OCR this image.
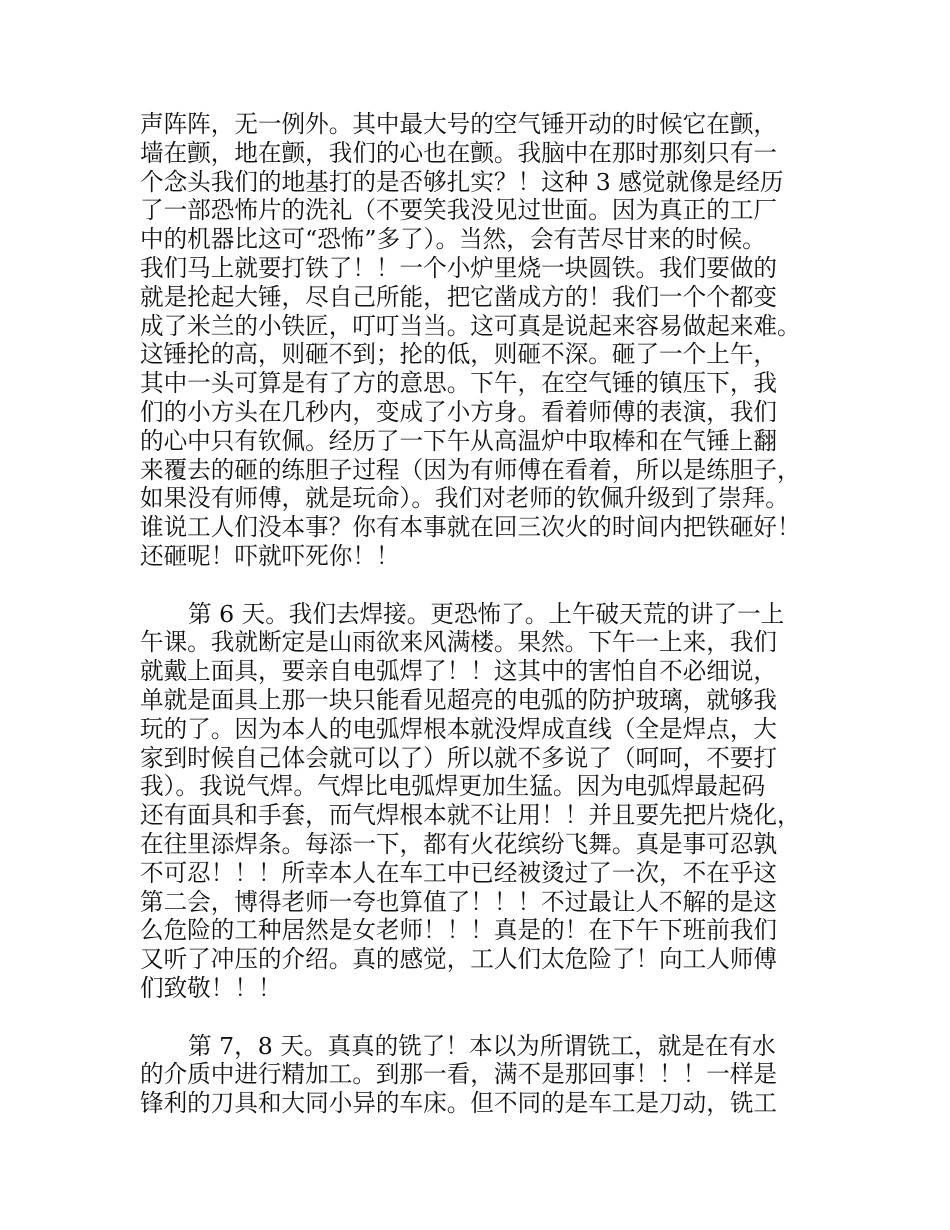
声阵阵，无一例外。其中最大号的空气锤开动的时候它在颤，
墙在颤，地在颤，我们的心也在颤。我脑中在那时那刻只有一
个念头我们的地基打的是否够扎实？！这种 3 感觉就像是经历
了一部恐怖片的洗礼（不要笑我没见过世面。因为真正的工厂
中的机器比这可“恐怖”多了）。当然，会有苦尽甘来的时候。
我们马上就要打铁了！！一个小炉里烧一块圆铁。我们要做的
就是抡起大锤，尽自己所能，把它凿成方的！我们一个个都变
成了米兰的小铁匠，叮叮当当。这可真是说起来容易做起来难。
这锤抡的高，则砸不到；抡的低，则砸不深。砸了一个上午，
其中一头可算是有了方的意思。下午，在空气锤的镇压下，我
们的小方头在几秒内，变成了小方身。看着师傅的表演，我们
的心中只有钦佩。经历了一下午从高温炉中取棒和在气锤上翻
来覆去的砸的练胆子过程（因为有师傅在看着，所以是练胆子，
如果没有师傅，就是玩命）。我们对老师的钦佩升级到了崇拜。
谁说工人们没本事？你有本事就在回三次火的时间内把铁砸好！
还砸呢！吓就吓死你！！
第 6 天。我们去焊接。更恐怖了。上午破天荒的讲了一上
午课。我就断定是山雨欲来风满楼。果然。下午一上来，我们
就戴上面具，要亲自电弧焊了！！这其中的害怕自不必细说，
单就是面具上那一块只能看见超亮的电弧的防护玻璃，就够我
玩的了。因为本人的电弧焊根本就没焊成直线（全是焊点，大
家到时候自己体会就可以了）所以就不多说了（呵呵，不要打
我）。我说气焊。气焊比电弧焊更加生猛。因为电弧焊最起码
还有面具和手套，而气焊根本就不让用！！并且要先把片烧化，
在往里添焊条。每添一下，都有火花缤纷飞舞。真是事可忍孰
不可忍！！！所幸本人在车工中已经被烫过了一次，不在乎这
第二会，博得老师一夸也算值了！！！不过最让人不解的是这
么危险的工种居然是女老师！！！真是的！在下午下班前我们
又听了冲压的介绍。真的感觉，工人们太危险了！向工人师傅
们致敬！！！
第 7，8 天。真真的铣了！本以为所谓铣工，就是在有水
的介质中进行精加工。到那一看，满不是那回事！！！一样是
锋利的刀具和大同小异的车床。但不同的是车工是刀动，铣工
